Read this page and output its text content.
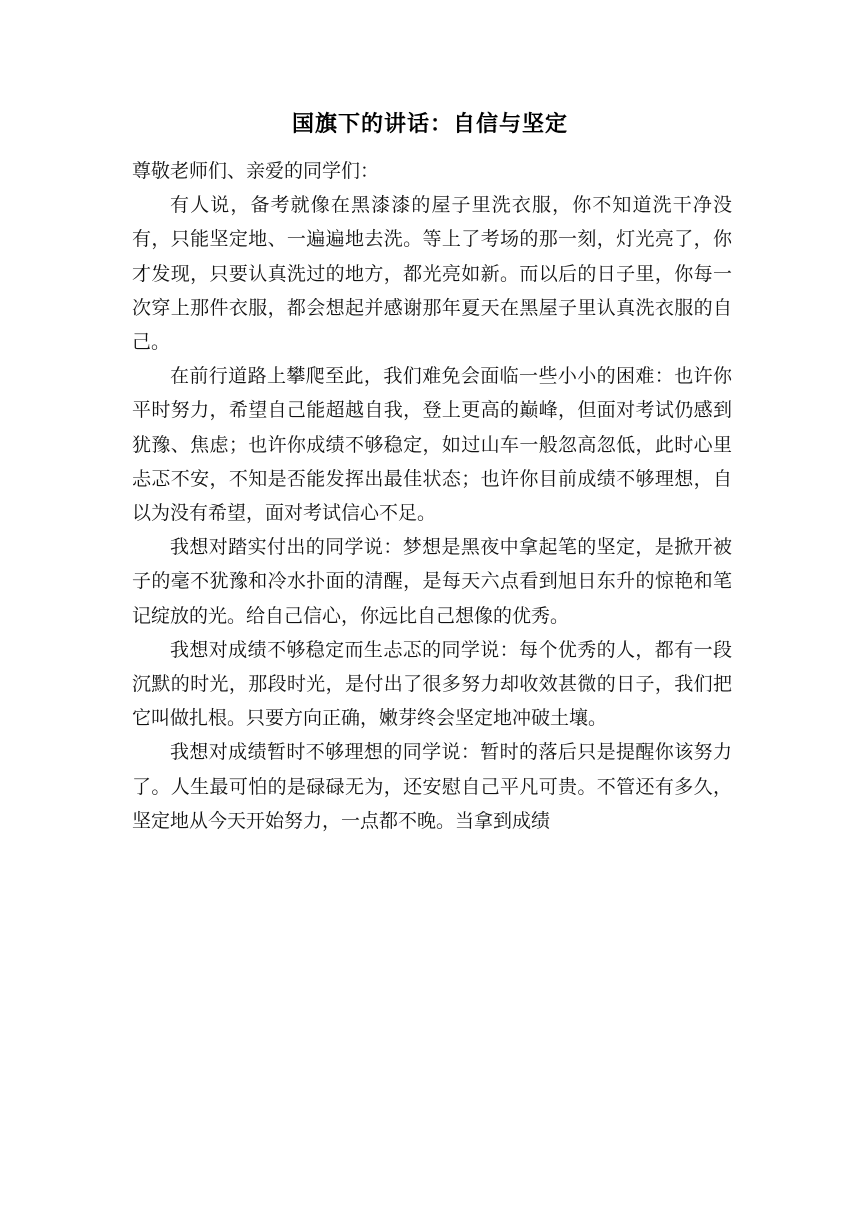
国旗下的讲话：自信与坚定

尊敬老师们、亲爱的同学们：

有人说，备考就像在黑漆漆的屋子里洗衣服，你不知道洗干净没有，只能坚定地、一遍遍地去洗。等上了考场的那一刻，灯光亮了，你才发现，只要认真洗过的地方，都光亮如新。而以后的日子里，你每一次穿上那件衣服，都会想起并感谢那年夏天在黑屋子里认真洗衣服的自己。

在前行道路上攀爬至此，我们难免会面临一些小小的困难：也许你平时努力，希望自己能超越自我，登上更高的巅峰，但面对考试仍感到犹豫、焦虑；也许你成绩不够稳定，如过山车一般忽高忽低，此时心里忐忑不安，不知是否能发挥出最佳状态；也许你目前成绩不够理想，自以为没有希望，面对考试信心不足。

我想对踏实付出的同学说：梦想是黑夜中拿起笔的坚定，是掀开被子的毫不犹豫和冷水扑面的清醒，是每天六点看到旭日东升的惊艳和笔记绽放的光。给自己信心，你远比自己想像的优秀。

我想对成绩不够稳定而生忐忑的同学说：每个优秀的人，都有一段沉默的时光，那段时光，是付出了很多努力却收效甚微的日子，我们把它叫做扎根。只要方向正确，嫩芽终会坚定地冲破土壤。

我想对成绩暂时不够理想的同学说：暂时的落后只是提醒你该努力了。人生最可怕的是碌碌无为，还安慰自己平凡可贵。不管还有多久，坚定地从今天开始努力，一点都不晚。当拿到成绩
